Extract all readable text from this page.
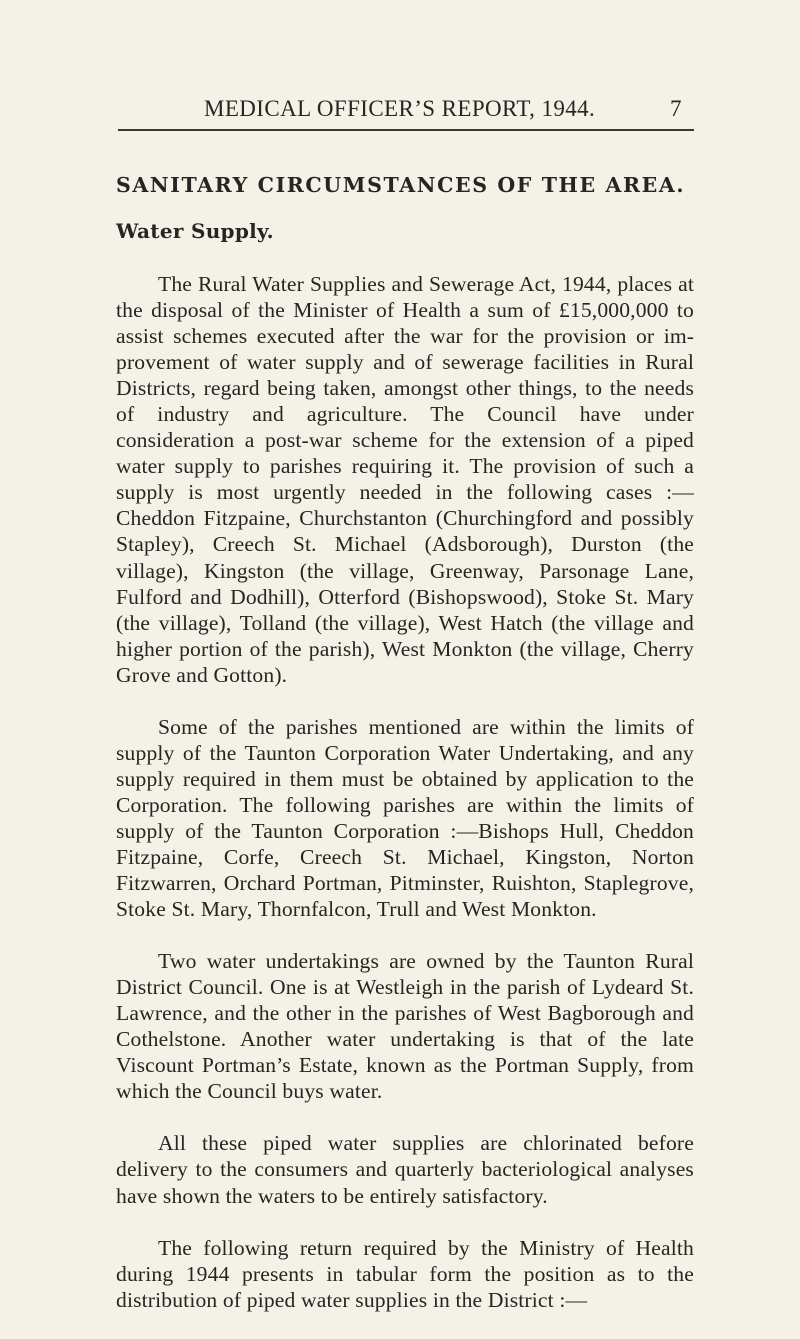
MEDICAL OFFICER’S REPORT, 1944.	7
SANITARY CIRCUMSTANCES OF THE AREA.
Water Supply.

The Rural Water Supplies and Sewerage Act, 1944, places at the disposal of the Minister of Health a sum of £15,000,000 to assist schemes executed after the war for the provision or improvement of water supply and of sewerage facilities in Rural Districts, regard being taken, amongst other things, to the needs of industry and agriculture. The Council have under consideration a post-war scheme for the extension of a piped water supply to parishes requiring it. The provision of such a supply is most urgently needed in the following cases :—Cheddon Fitzpaine, Churchstanton (Churchingford and possibly Stapley), Creech St. Michael (Adsborough), Durston (the village), Kingston (the village, Greenway, Parsonage Lane, Fulford and Dodhill), Otterford (Bishopswood), Stoke St. Mary (the village), Tolland (the village), West Hatch (the village and higher portion of the parish), West Monkton (the village, Cherry Grove and Gotton).

Some of the parishes mentioned are within the limits of supply of the Taunton Corporation Water Undertaking, and any supply required in them must be obtained by application to the Corporation. The following parishes are within the limits of supply of the Taunton Corporation :—Bishops Hull, Cheddon Fitzpaine, Corfe, Creech St. Michael, Kingston, Norton Fitzwarren, Orchard Portman, Pitminster, Ruishton, Staplegrove, Stoke St. Mary, Thornfalcon, Trull and West Monkton.

Two water undertakings are owned by the Taunton Rural District Council. One is at Westleigh in the parish of Lydeard St. Lawrence, and the other in the parishes of West Bagborough and Cothelstone. Another water undertaking is that of the late Viscount Portman’s Estate, known as the Portman Supply, from which the Council buys water.

All these piped water supplies are chlorinated before delivery to the consumers and quarterly bacteriological analyses have shown the waters to be entirely satisfactory.

The following return required by the Ministry of Health during 1944 presents in tabular form the position as to the distribution of piped water supplies in the District :—
